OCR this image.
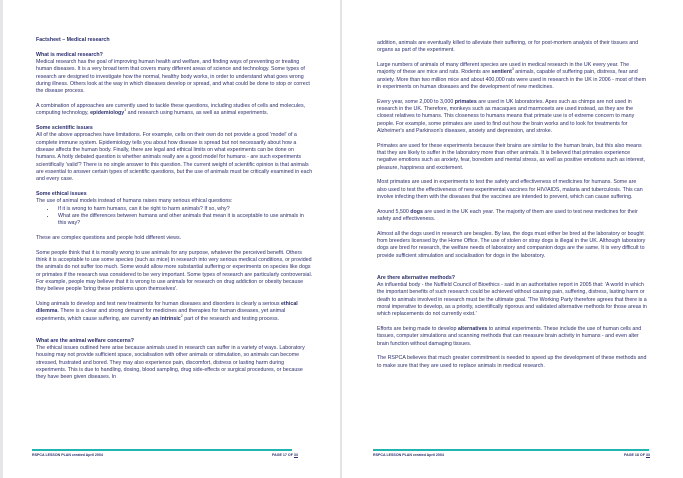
Factsheet – Medical research

What is medical research?
Medical research has the goal of improving human health and welfare, and finding ways of preventing or treating human diseases. It is a very broad term that covers many different areas of science and technology. Some types of research are designed to investigate how the normal, healthy body works, in order to understand what goes wrong during illness. Others look at the way in which diseases develop or spread, and what could be done to stop or correct the disease process.

A combination of approaches are currently used to tackle these questions, including studies of cells and molecules, computing technology, epidemiology$^1$ and research using humans, as well as animal experiments.

Some scientific issues
All of the above approaches have limitations. For example, cells on their own do not provide a good 'model' of a complete immune system. Epidemiology tells you about how disease is spread but not necessarily about how a disease affects the human body. Finally, there are legal and ethical limits on what experiments can be done on humans. A hotly debated question is whether animals really are a good model for humans - are such experiments scientifically 'valid'? There is no single answer to this question. The current weight of scientific opinion is that animals are essential to answer certain types of scientific questions, but the use of animals must be critically examined in each and every case.

Some ethical issues
The use of animal models instead of humans raises many serious ethical questions:
• If it is wrong to harm humans, can it be right to harm animals? If so, why?
• What are the differences between humans and other animals that mean it is acceptable to use animals in this way?

These are complex questions and people hold different views.

Some people think that it is morally wrong to use animals for any purpose, whatever the perceived benefit. Others think it is acceptable to use some species (such as mice) in research into very serious medical conditions, or provided the animals do not suffer too much. Some would allow more substantial suffering or experiments on species like dogs or primates if the research was considered to be very important. Some types of research are particularly controversial. For example, people may believe that it is wrong to use animals for research on drug addiction or obesity because they believe people 'bring these problems upon themselves'.

Using animals to develop and test new treatments for human diseases and disorders is clearly a serious ethical dilemma. There is a clear and strong demand for medicines and therapies for human diseases, yet animal experiments, which cause suffering, are currently an intrinsic$^2$ part of the research and testing process.

What are the animal welfare concerns?
The ethical issues outlined here arise because animals used in research can suffer in a variety of ways. Laboratory housing may not provide sufficient space, socialisation with other animals or stimulation, so animals can become stressed, frustrated and bored. They may also experience pain, discomfort, distress or lasting harm during experiments. This is due to handling, dosing, blood sampling, drug side-effects or surgical procedures, or because they have been given diseases. In

RSPCA LESSON PLAN created April 2004	PAGE 17 OF 33

addition, animals are eventually killed to alleviate their suffering, or for post-mortem analysis of their tissues and organs as part of the experiment.

Large numbers of animals of many different species are used in medical research in the UK every year. The majority of these are mice and rats. Rodents are sentient$^3$ animals, capable of suffering pain, distress, fear and anxiety. More than two million mice and about 400,000 rats were used in research in the UK in 2006 - most of them in experiments on human diseases and the development of new medicines.

Every year, some 2,000 to 3,000 primates are used in UK laboratories. Apes such as chimps are not used in research in the UK. Therefore, monkeys such as macaques and marmosets are used instead, as they are the closest relatives to humans. This closeness to humans means that primate use is of extreme concern to many people. For example, some primates are used to find out how the brain works and to look for treatments for Alzheimer's and Parkinson's diseases, anxiety and depression, and stroke.

Primates are used for these experiments because their brains are similar to the human brain, but this also means that they are likely to suffer in the laboratory more than other animals. It is believed that primates experience negative emotions such as anxiety, fear, boredom and mental stress, as well as positive emotions such as interest, pleasure, happiness and excitement.

Most primates are used in experiments to test the safety and effectiveness of medicines for humans. Some are also used to test the effectiveness of new experimental vaccines for HIV/AIDS, malaria and tuberculosis. This can involve infecting them with the diseases that the vaccines are intended to prevent, which can cause suffering.

Around 5,500 dogs are used in the UK each year. The majority of them are used to test new medicines for their safety and effectiveness.

Almost all the dogs used in research are beagles. By law, the dogs must either be bred at the laboratory or bought from breeders licensed by the Home Office. The use of stolen or stray dogs is illegal in the UK. Although laboratory dogs are bred for research, the welfare needs of laboratory and companion dogs are the same. It is very difficult to provide sufficient stimulation and socialisation for dogs in the laboratory.

Are there alternative methods?
An influential body - the Nuffield Council of Bioethics - said in an authoritative report in 2005 that: 'A world in which the important benefits of such research could be achieved without causing pain, suffering, distress, lasting harm or death to animals involved in research must be the ultimate goal. 'The Working Party therefore agrees that there is a moral imperative to develop, as a priority, scientifically rigorous and validated alternative methods for those areas in which replacements do not currently exist.'

Efforts are being made to develop alternatives to animal experiments. These include the use of human cells and tissues, computer simulations and scanning methods that can measure brain activity in humans - and even alter brain function without damaging tissues.

The RSPCA believes that much greater commitment is needed to speed up the development of these methods and to make sure that they are used to replace animals in medical research.

RSPCA LESSON PLAN created April 2004	PAGE 18 OF 33
